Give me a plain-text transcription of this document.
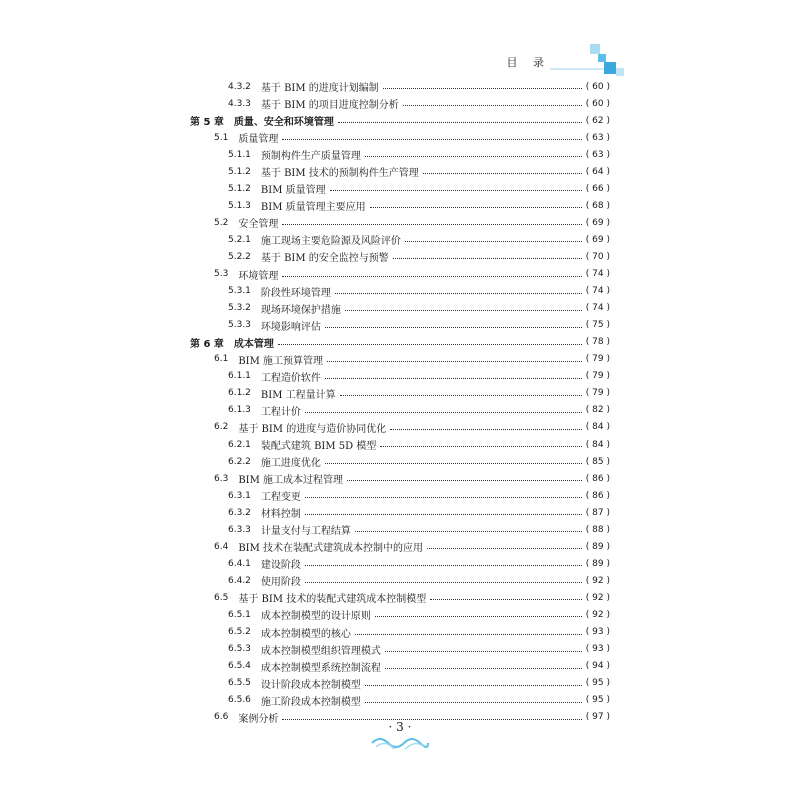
目 录
4.3.2 基于 BIM 的进度计划编制	( 60 )
4.3.3 基于 BIM 的项目进度控制分析	( 60 )
第 5 章 质量、安全和环境管理	( 62 )
5.1 质量管理	( 63 )
5.1.1 预制构件生产质量管理	( 63 )
5.1.2 基于 BIM 技术的预制构件生产管理	( 64 )
5.1.2 BIM 质量管理	( 66 )
5.1.3 BIM 质量管理主要应用	( 68 )
5.2 安全管理	( 69 )
5.2.1 施工现场主要危险源及风险评价	( 69 )
5.2.2 基于 BIM 的安全监控与预警	( 70 )
5.3 环境管理	( 74 )
5.3.1 阶段性环境管理	( 74 )
5.3.2 现场环境保护措施	( 74 )
5.3.3 环境影响评估	( 75 )
第 6 章 成本管理	( 78 )
6.1 BIM 施工预算管理	( 79 )
6.1.1 工程造价软件	( 79 )
6.1.2 BIM 工程量计算	( 79 )
6.1.3 工程计价	( 82 )
6.2 基于 BIM 的进度与造价协同优化	( 84 )
6.2.1 装配式建筑 BIM 5D 模型	( 84 )
6.2.2 施工进度优化	( 85 )
6.3 BIM 施工成本过程管理	( 86 )
6.3.1 工程变更	( 86 )
6.3.2 材料控制	( 87 )
6.3.3 计量支付与工程结算	( 88 )
6.4 BIM 技术在装配式建筑成本控制中的应用	( 89 )
6.4.1 建设阶段	( 89 )
6.4.2 使用阶段	( 92 )
6.5 基于 BIM 技术的装配式建筑成本控制模型	( 92 )
6.5.1 成本控制模型的设计原则	( 92 )
6.5.2 成本控制模型的核心	( 93 )
6.5.3 成本控制模型组织管理模式	( 93 )
6.5.4 成本控制模型系统控制流程	( 94 )
6.5.5 设计阶段成本控制模型	( 95 )
6.5.6 施工阶段成本控制模型	( 95 )
6.6 案例分析	( 97 )
· 3 ·
